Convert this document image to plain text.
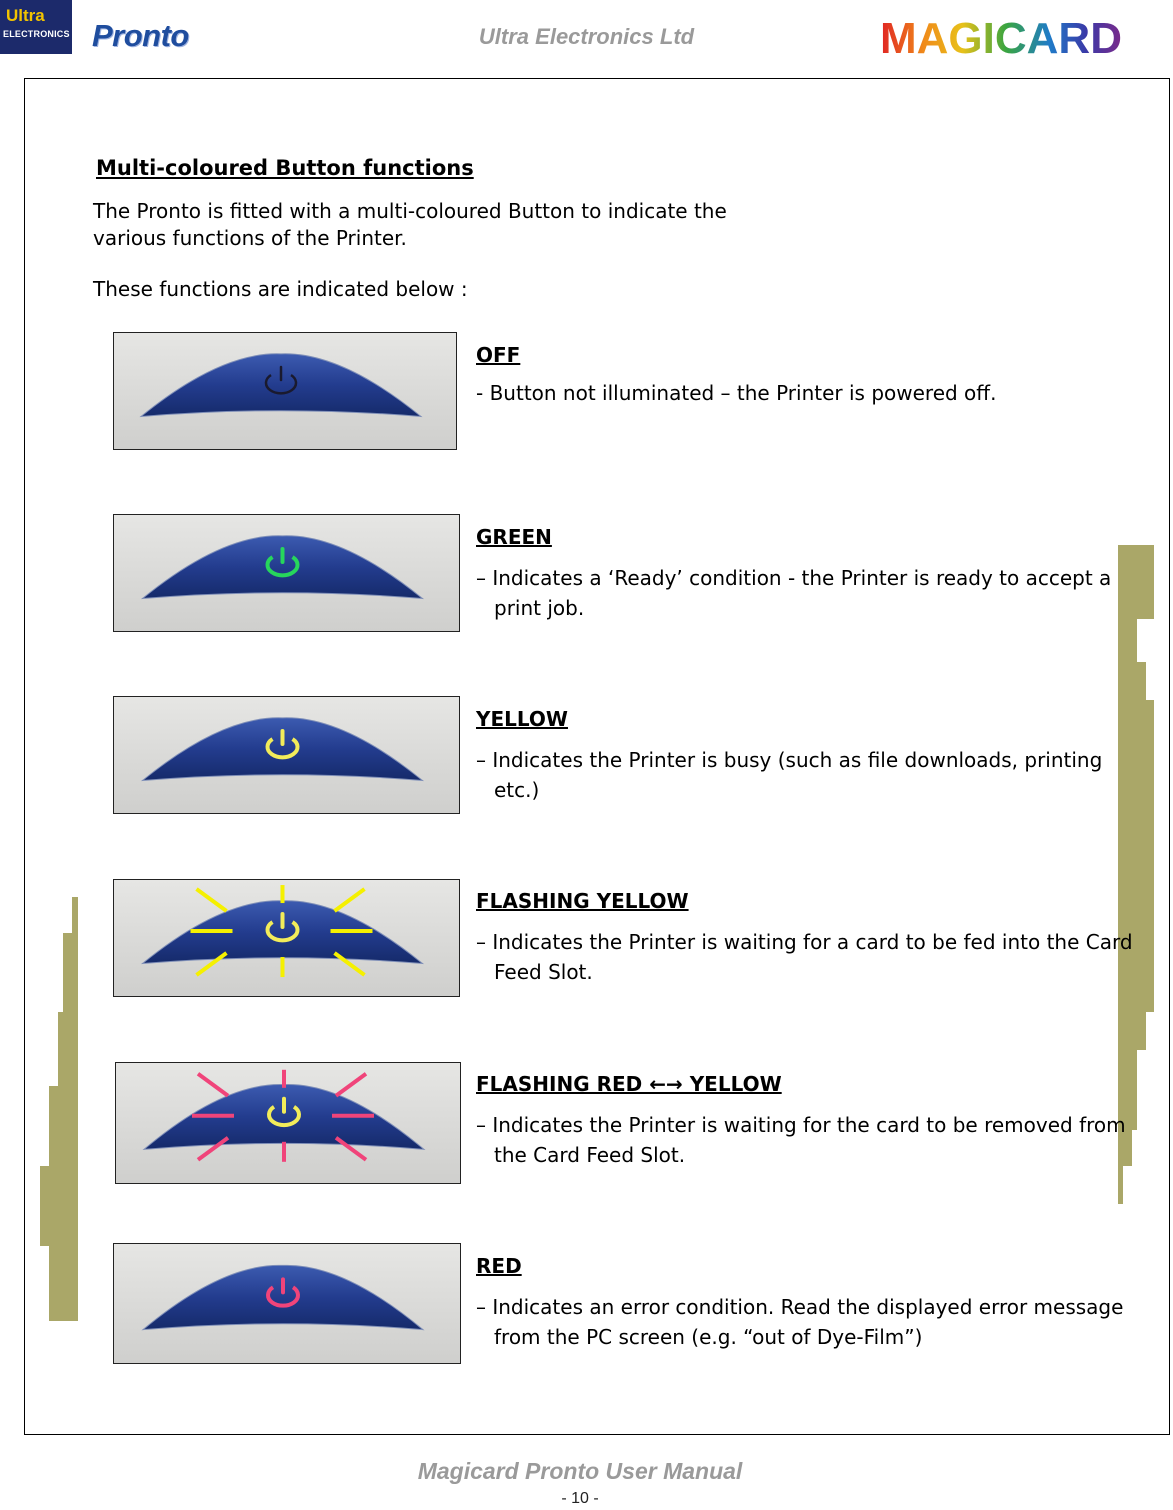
Ultra
ELECTRONICS Pronto	Ultra Electronics Ltd	MAGICARD
Multi-coloured Button functions
The Pronto is fitted with a multi-coloured Button to indicate the various functions of the Printer.
These functions are indicated below :
OFF
- Button not illuminated – the Printer is powered off.
GREEN
– Indicates a ‘Ready’ condition - the Printer is ready to accept a print job.
YELLOW
– Indicates the Printer is busy (such as file downloads, printing etc.)
FLASHING YELLOW
– Indicates the Printer is waiting for a card to be fed into the Card Feed Slot.
FLASHING RED ←→ YELLOW
– Indicates the Printer is waiting for the card to be removed from the Card Feed Slot.
RED
– Indicates an error condition. Read the displayed error message from the PC screen (e.g. “out of Dye-Film”)
Magicard Pronto User Manual
- 10 -
